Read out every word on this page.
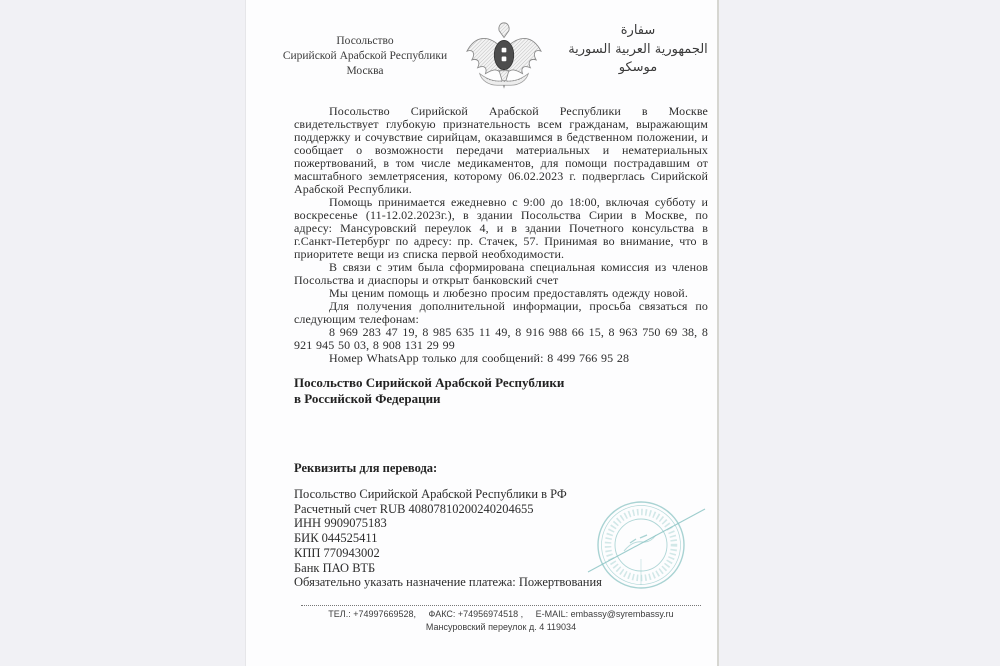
Посольство
Сирийской Арабской Республики
Москва
سفارة
الجمهورية العربية السورية
موسكو

Посольство Сирийской Арабской Республики в Москве свидетельствует глубокую признательность всем гражданам, выражающим поддержку и сочувствие сирийцам, оказавшимся в бедственном положении, и сообщает о возможности передачи материальных и нематериальных пожертвований, в том числе медикаментов, для помощи пострадавшим от масштабного землетрясения, которому 06.02.2023 г. подверглась Сирийской Арабской Республики.

Помощь принимается ежедневно с 9:00 до 18:00, включая субботу и воскресенье (11-12.02.2023г.), в здании Посольства Сирии в Москве, по адресу: Мансуровский переулок 4, и в здании Почетного консульства в г.Санкт-Петербург по адресу: пр. Стачек, 57. Принимая во внимание, что в приоритете вещи из списка первой необходимости.

В связи с этим была сформирована специальная комиссия из членов Посольства и диаспоры и открыт банковский счет

Мы ценим помощь и любезно просим предоставлять одежду новой.

Для получения дополнительной информации, просьба связаться по следующим телефонам:

8 969 283 47 19, 8 985 635 11 49, 8 916 988 66 15, 8 963 750 69 38, 8 921 945 50 03, 8 908 131 29 99

Номер WhatsApp только для сообщений: 8 499 766 95 28

Посольство Сирийской Арабской Республики
в Российской Федерации
Реквизиты для перевода:
Посольство Сирийской Арабской Республики в РФ
Расчетный счет RUB 40807810200240204655
ИНН 9909075183
БИК 044525411
КПП 770943002
Банк ПАО ВТБ
Обязательно указать назначение платежа: Пожертвования
ТЕЛ.: +74997669528, ФАКС: +74956974518 , E-MAIL: embassy@syrembassy.ru
Мансуровский переулок д. 4 119034
